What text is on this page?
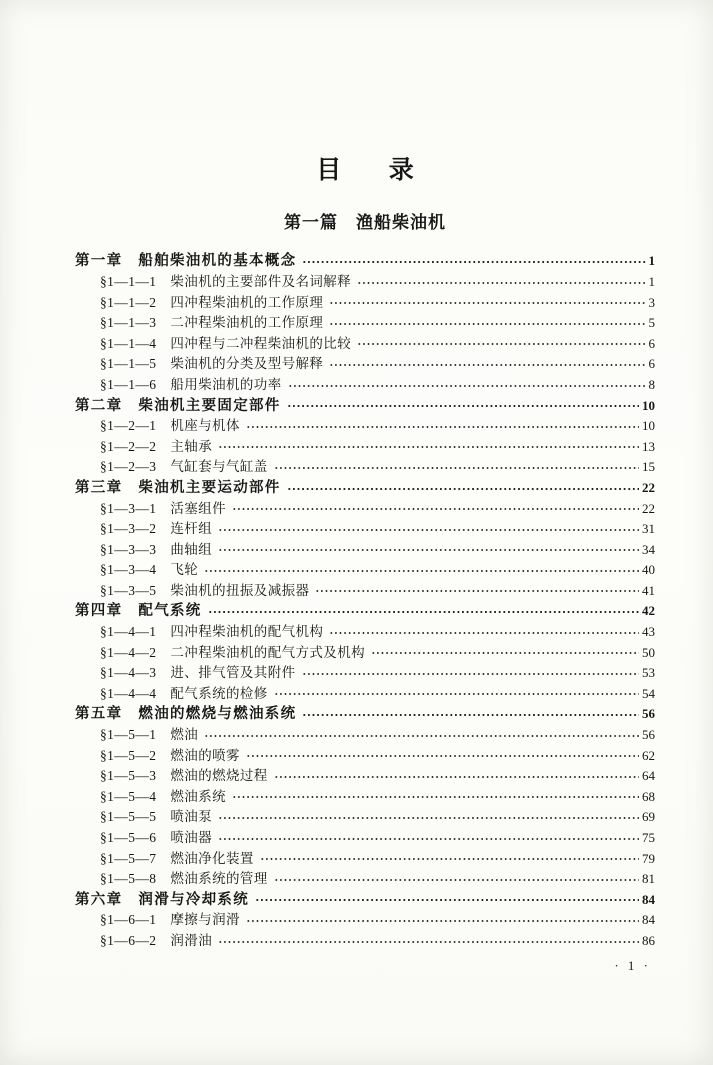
目　录
第一篇　渔船柴油机
第一章 船舶柴油机的基本概念	1
§1—1—1 柴油机的主要部件及名词解释	1
§1—1—2 四冲程柴油机的工作原理	3
§1—1—3 二冲程柴油机的工作原理	5
§1—1—4 四冲程与二冲程柴油机的比较	6
§1—1—5 柴油机的分类及型号解释	6
§1—1—6 船用柴油机的功率	8
第二章 柴油机主要固定部件	10
§1—2—1 机座与机体	10
§1—2—2 主轴承	13
§1—2—3 气缸套与气缸盖	15
第三章 柴油机主要运动部件	22
§1—3—1 活塞组件	22
§1—3—2 连杆组	31
§1—3—3 曲轴组	34
§1—3—4 飞轮	40
§1—3—5 柴油机的扭振及减振器	41
第四章 配气系统	42
§1—4—1 四冲程柴油机的配气机构	43
§1—4—2 二冲程柴油机的配气方式及机构	50
§1—4—3 进、排气管及其附件	53
§1—4—4 配气系统的检修	54
第五章 燃油的燃烧与燃油系统	56
§1—5—1 燃油	56
§1—5—2 燃油的喷雾	62
§1—5—3 燃油的燃烧过程	64
§1—5—4 燃油系统	68
§1—5—5 喷油泵	69
§1—5—6 喷油器	75
§1—5—7 燃油净化装置	79
§1—5—8 燃油系统的管理	81
第六章 润滑与冷却系统	84
§1—6—1 摩擦与润滑	84
§1—6—2 润滑油	86
· 1 ·
